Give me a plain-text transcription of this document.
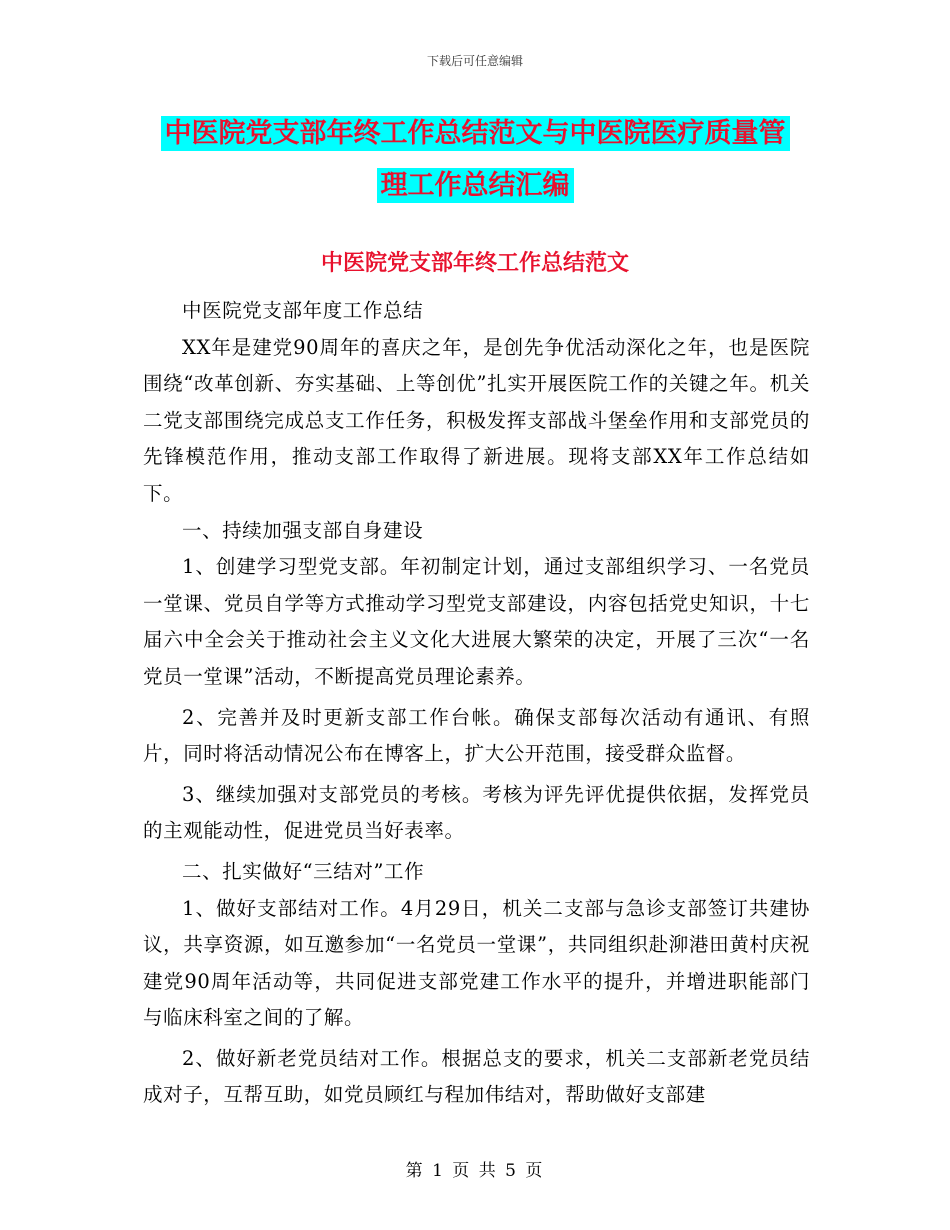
下载后可任意编辑
中医院党支部年终工作总结范文与中医院医疗质量管
理工作总结汇编
中医院党支部年终工作总结范文

中医院党支部年度工作总结

XX年是建党90周年的喜庆之年，是创先争优活动深化之年，也是医院围绕“改革创新、夯实基础、上等创优”扎实开展医院工作的关键之年。机关二党支部围绕完成总支工作任务，积极发挥支部战斗堡垒作用和支部党员的先锋模范作用，推动支部工作取得了新进展。现将支部XX年工作总结如下。

一、持续加强支部自身建设

1、创建学习型党支部。年初制定计划，通过支部组织学习、一名党员一堂课、党员自学等方式推动学习型党支部建设，内容包括党史知识，十七届六中全会关于推动社会主义文化大进展大繁荣的决定，开展了三次“一名党员一堂课”活动，不断提高党员理论素养。

2、完善并及时更新支部工作台帐。确保支部每次活动有通讯、有照片，同时将活动情况公布在博客上，扩大公开范围，接受群众监督。

3、继续加强对支部党员的考核。考核为评先评优提供依据，发挥党员的主观能动性，促进党员当好表率。

二、扎实做好“三结对”工作

1、做好支部结对工作。4月29日，机关二支部与急诊支部签订共建协议，共享资源，如互邀参加“一名党员一堂课”，共同组织赴泖港田黄村庆祝建党90周年活动等，共同促进支部党建工作水平的提升，并增进职能部门与临床科室之间的了解。

2、做好新老党员结对工作。根据总支的要求，机关二支部新老党员结成对子，互帮互助，如党员顾红与程加伟结对，帮助做好支部建

第 1 页 共 5 页
